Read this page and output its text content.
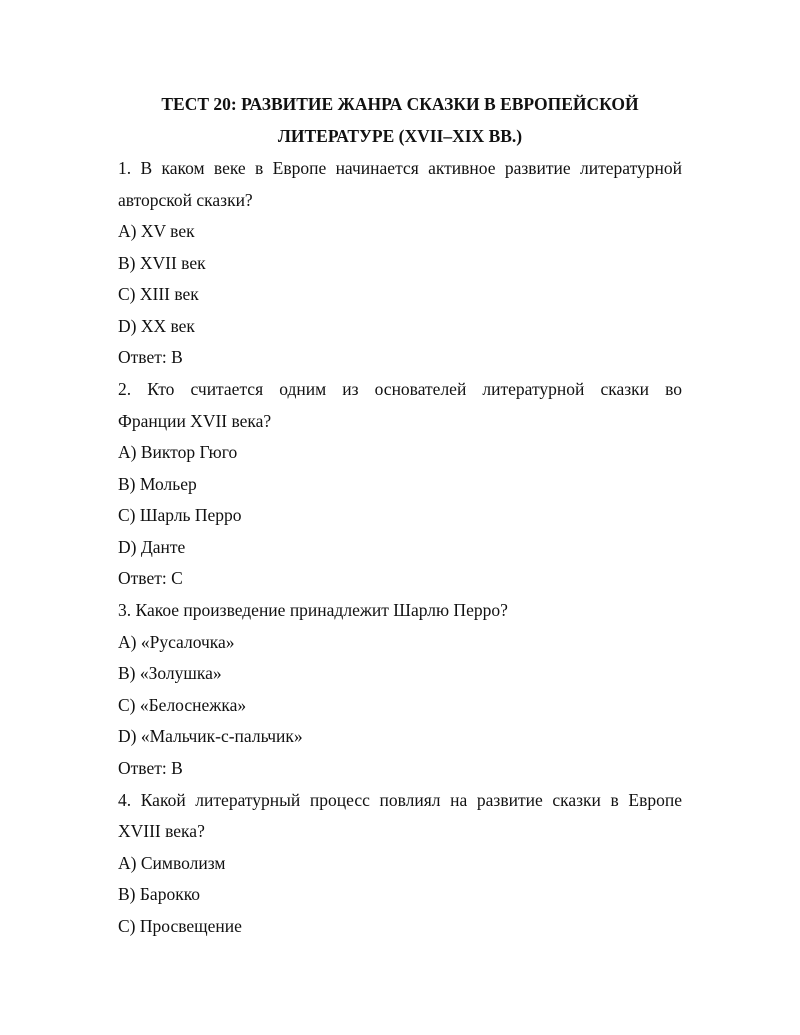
ТЕСТ 20: РАЗВИТИЕ ЖАНРА СКАЗКИ В ЕВРОПЕЙСКОЙ

ЛИТЕРАТУРЕ (XVII–XIX ВВ.)

1. В каком веке в Европе начинается активное развитие литературной

авторской сказки?

A) XV век

B) XVII век

C) XIII век

D) XX век

Ответ: B

2. Кто считается одним из основателей литературной сказки во

Франции XVII века?

A) Виктор Гюго

B) Мольер

C) Шарль Перро

D) Данте

Ответ: C

3. Какое произведение принадлежит Шарлю Перро?

A) «Русалочка»

B) «Золушка»

C) «Белоснежка»

D) «Мальчик-с-пальчик»

Ответ: B

4. Какой литературный процесс повлиял на развитие сказки в Европе

XVIII века?

A) Символизм

B) Барокко

C) Просвещение
